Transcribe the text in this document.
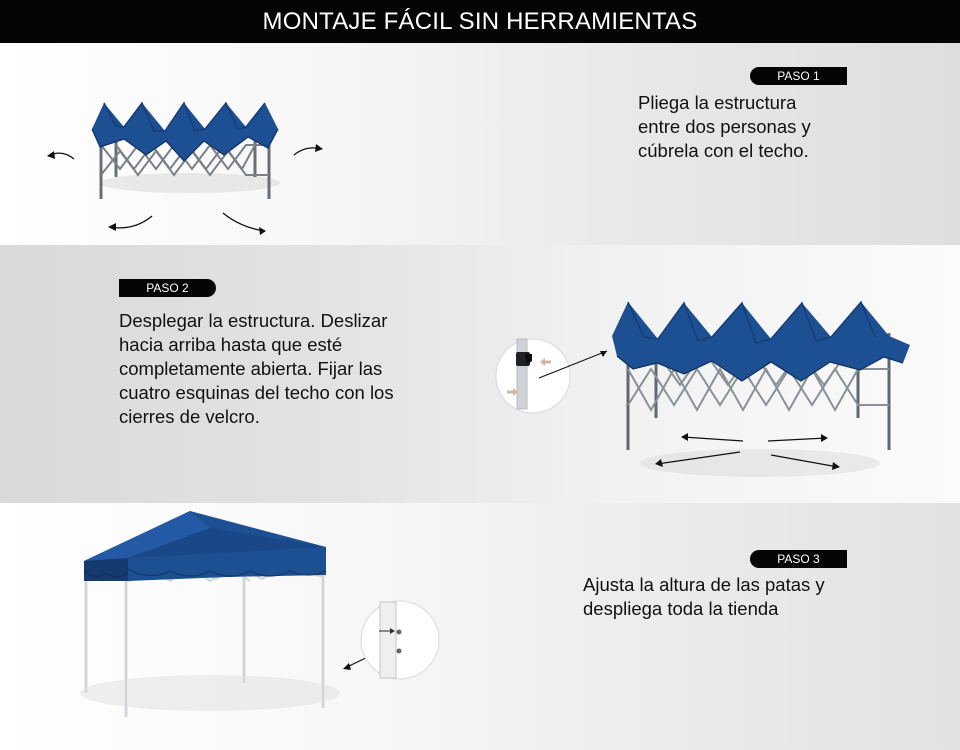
MONTAJE FÁCIL SIN HERRAMIENTAS
PASO 1
Pliega la estructura
entre dos personas y
cúbrela con el techo.
PASO 2
Desplegar la estructura. Deslizar
hacia arriba hasta que esté
completamente abierta. Fijar las
cuatro esquinas del techo con los
cierres de velcro.
PASO 3
Ajusta la altura de las patas y
despliega toda la tienda
